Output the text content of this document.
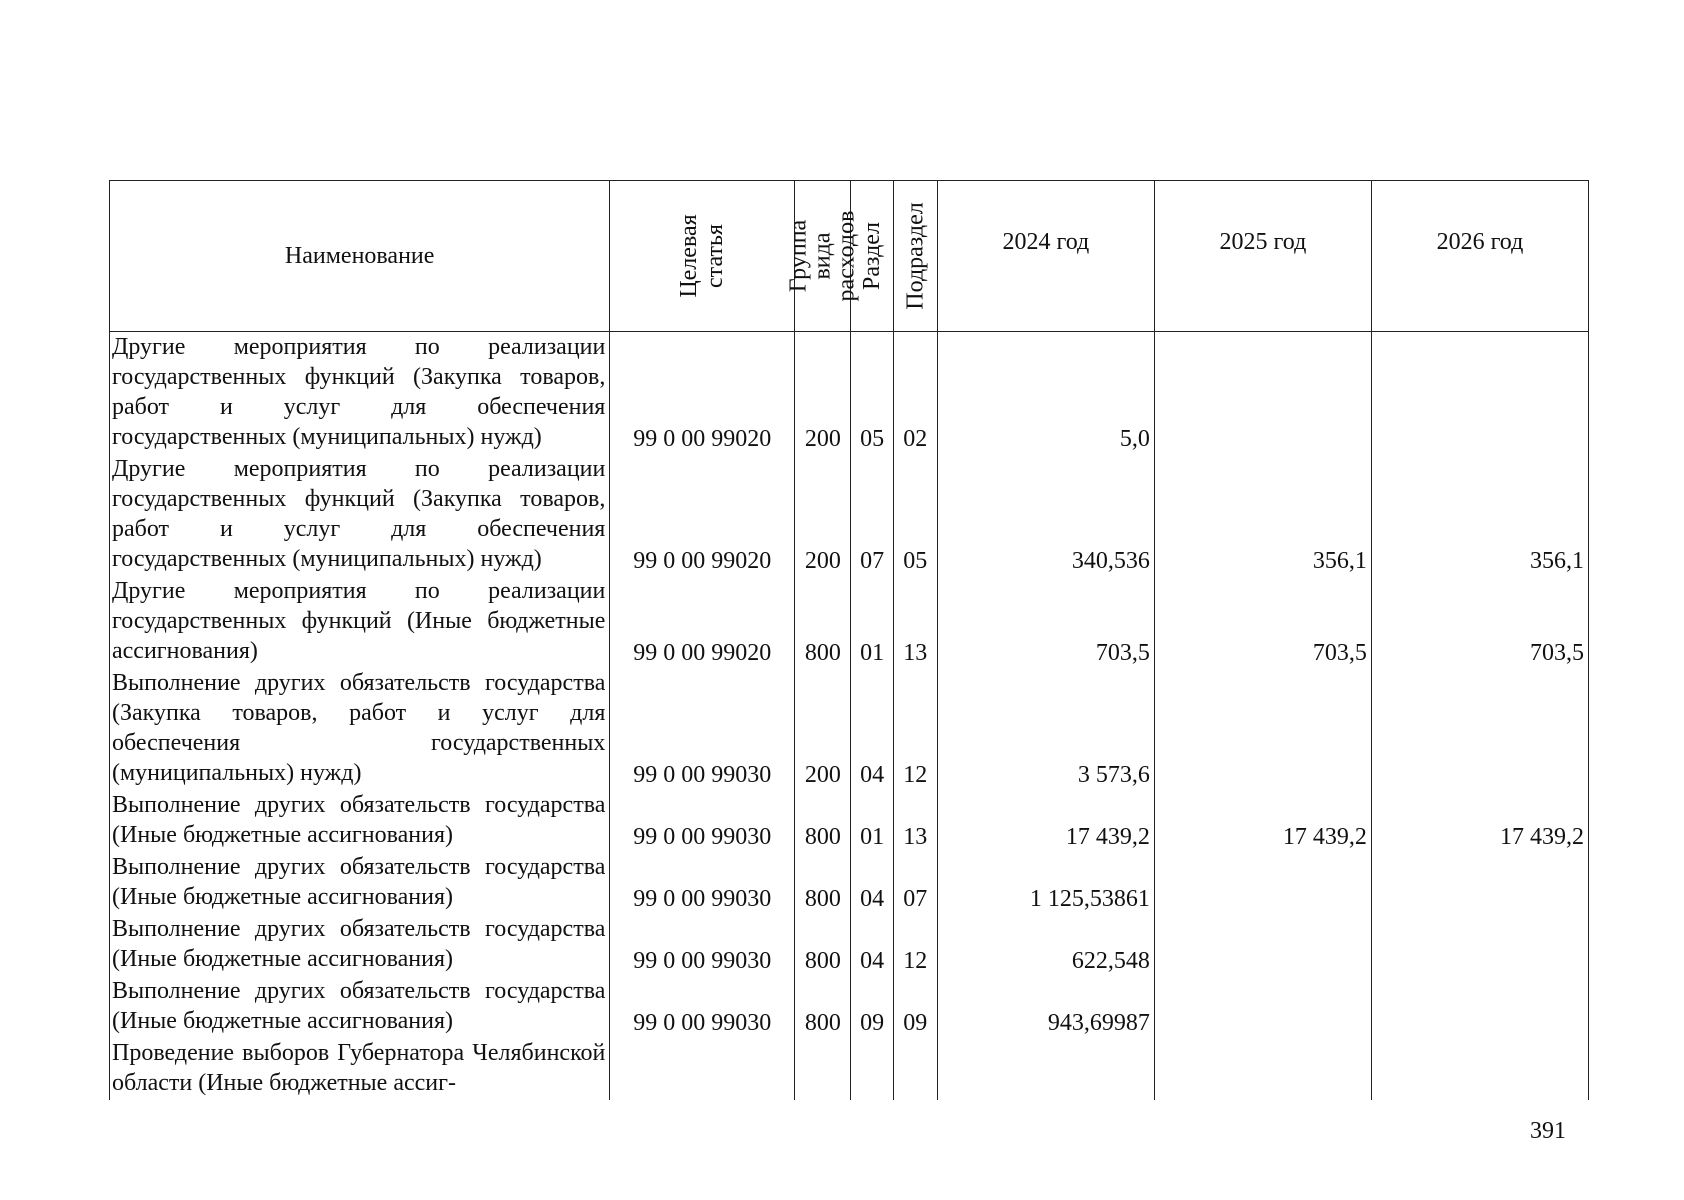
Наименование	Целевая статья	Группа вида расходов	Раздел	Подраздел	2024 год	2025 год	2026 год

Другие мероприятия по реализации государственных функций (Закупка товаров, работ и услуг для обеспечения государственных (муниципальных) нужд)	99 0 00 99020	200	05	02	5,0		
Другие мероприятия по реализации государственных функций (Закупка товаров, работ и услуг для обеспечения государственных (муниципальных) нужд)	99 0 00 99020	200	07	05	340,536	356,1	356,1
Другие мероприятия по реализации государственных функций (Иные бюджетные ассигнования)	99 0 00 99020	800	01	13	703,5	703,5	703,5
Выполнение других обязательств государства (Закупка товаров, работ и услуг для обеспечения государственных (муниципальных) нужд)	99 0 00 99030	200	04	12	3 573,6		
Выполнение других обязательств государства (Иные бюджетные ассигнования)	99 0 00 99030	800	01	13	17 439,2	17 439,2	17 439,2
Выполнение других обязательств государства (Иные бюджетные ассигнования)	99 0 00 99030	800	04	07	1 125,53861		
Выполнение других обязательств государства (Иные бюджетные ассигнования)	99 0 00 99030	800	04	12	622,548		
Выполнение других обязательств государства (Иные бюджетные ассигнования)	99 0 00 99030	800	09	09	943,69987		
Проведение выборов Губернатора Челябинской области (Иные бюджетные ассиг-							
391
